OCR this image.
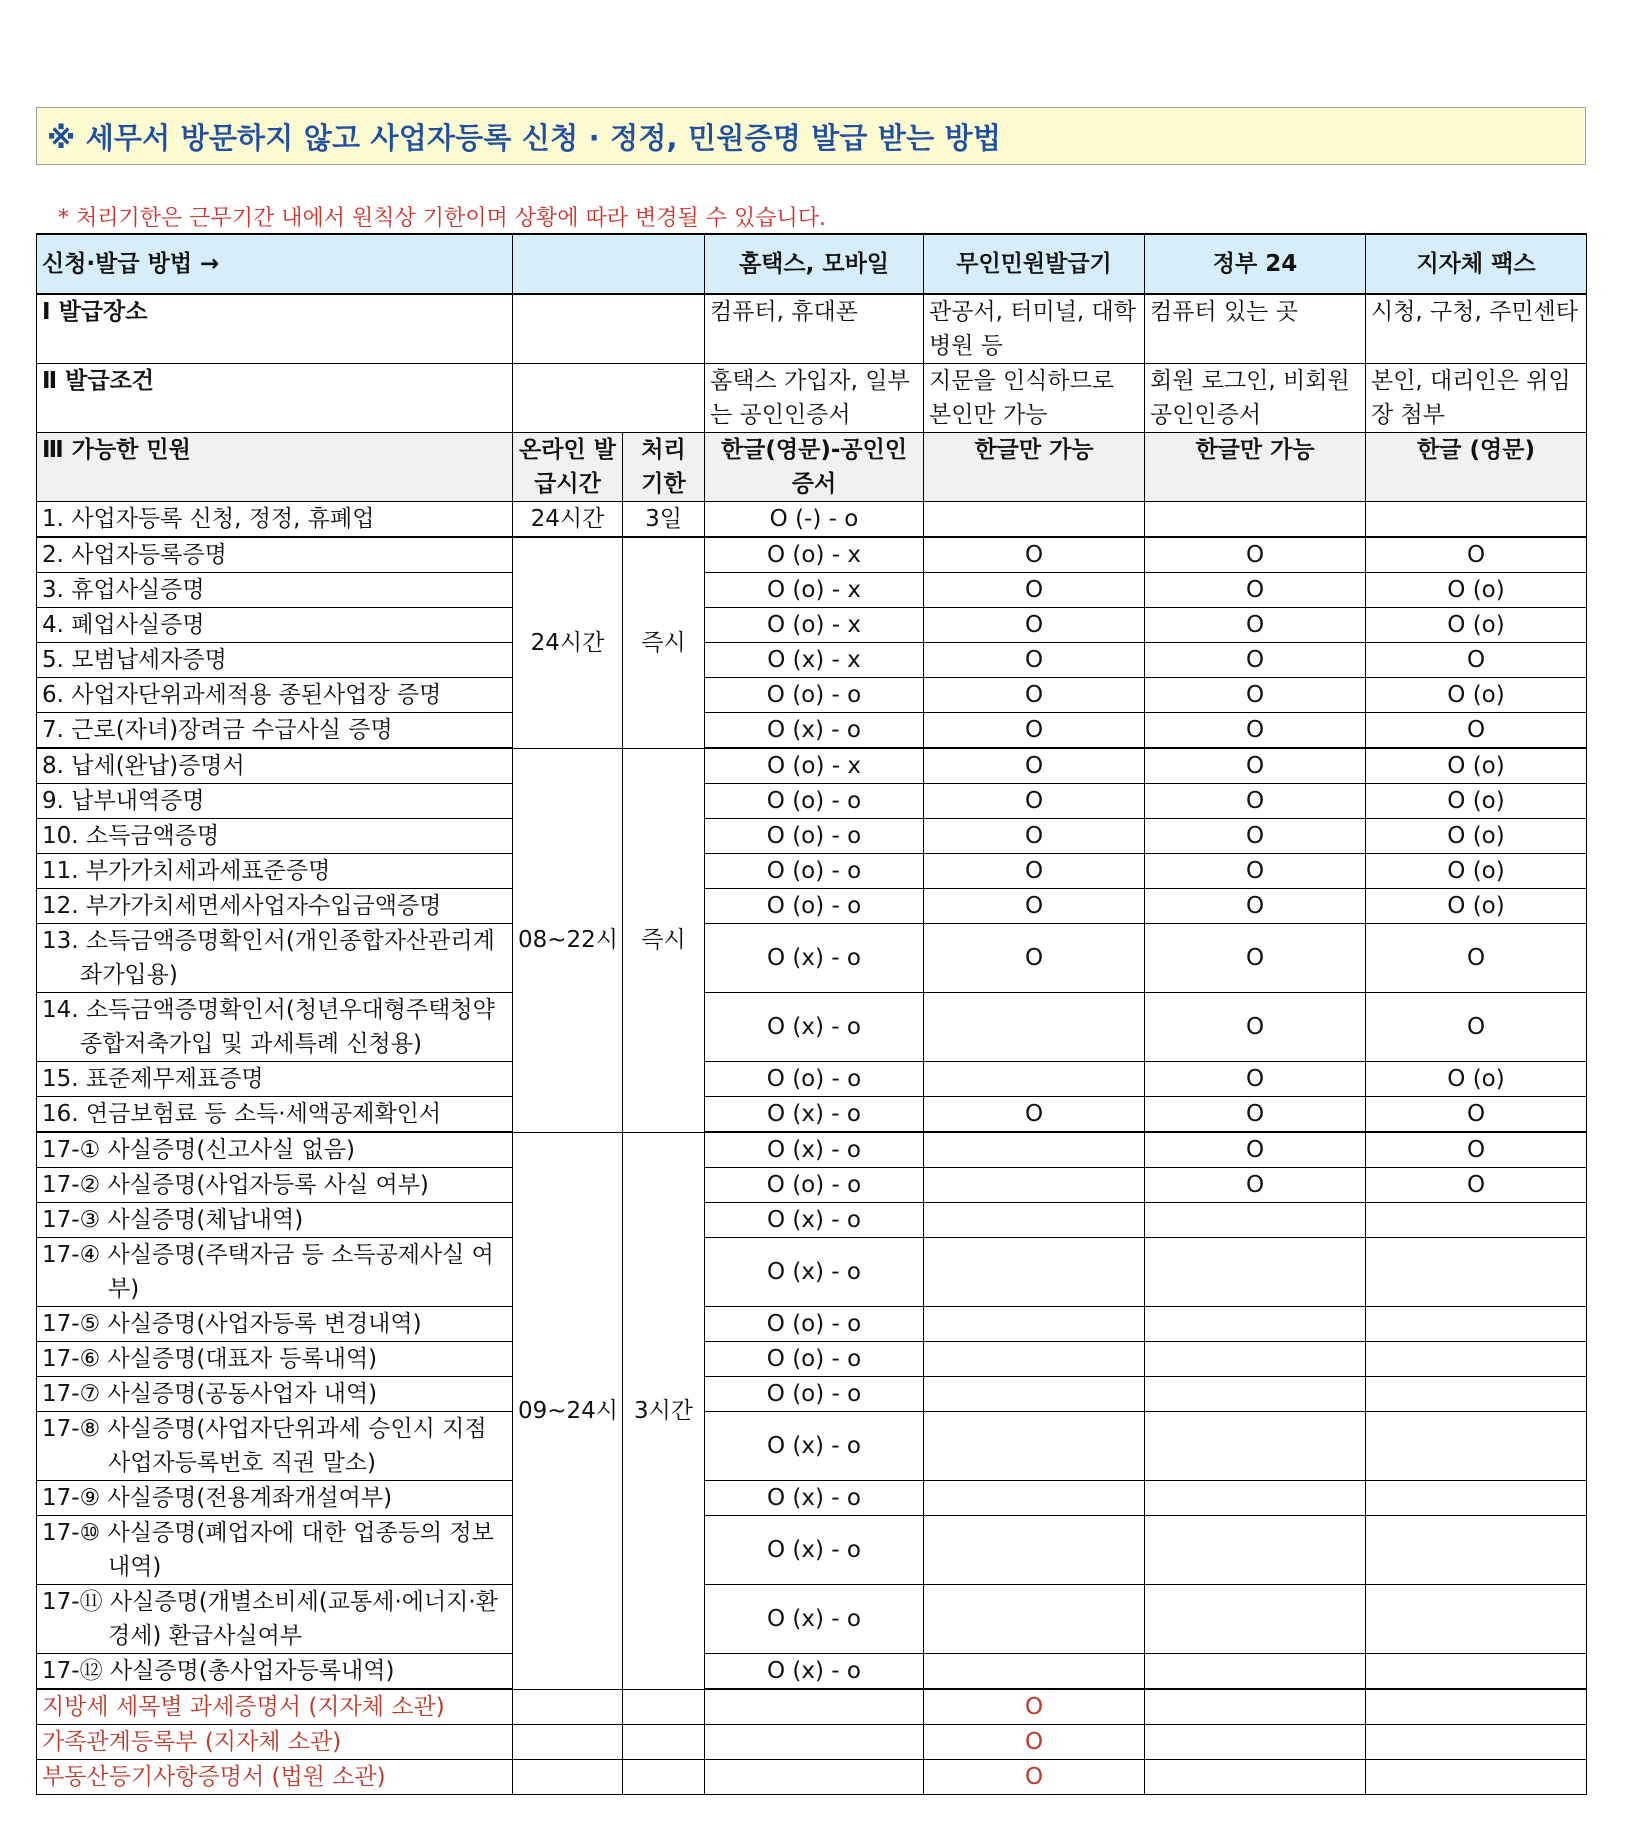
※ 세무서 방문하지 않고 사업자등록 신청 · 정정, 민원증명 발급 받는 방법
* 처리기한은 근무기간 내에서 원칙상 기한이며 상황에 따라 변경될 수 있습니다.
신청·발급 방법 →			홈택스, 모바일	무인민원발급기	정부 24	지자체 팩스
Ⅰ 발급장소			컴퓨터, 휴대폰	관공서, 터미널, 대학병원 등	컴퓨터 있는 곳	시청, 구청, 주민센타
Ⅱ 발급조건			홈택스 가입자, 일부는 공인인증서	지문을 인식하므로 본인만 가능	회원 로그인, 비회원 공인인증서	본인, 대리인은 위임장 첨부
Ⅲ 가능한 민원	온라인 발급시간	처리 기한	한글(영문)-공인인증서	한글만 가능	한글만 가능	한글 (영문)
1. 사업자등록 신청, 정정, 휴폐업	24시간	3일	O (-) - o			
2. 사업자등록증명	24시간	즉시	O (o) - x	O	O	O
3. 휴업사실증명			O (o) - x	O	O	O (o)
4. 폐업사실증명			O (o) - x	O	O	O (o)
5. 모범납세자증명			O (x) - x	O	O	O
6. 사업자단위과세적용 종된사업장 증명			O (o) - o	O	O	O (o)
7. 근로(자녀)장려금 수급사실 증명			O (x) - o	O	O	O
8. 납세(완납)증명서	08~22시	즉시	O (o) - x	O	O	O (o)
9. 납부내역증명			O (o) - o	O	O	O (o)
10. 소득금액증명			O (o) - o	O	O	O (o)
11. 부가가치세과세표준증명			O (o) - o	O	O	O (o)
12. 부가가치세면세사업자수입금액증명			O (o) - o	O	O	O (o)

13. 소득금액증명확인서(개인종합자산관리계좌가입용)			O (x) - o	O	O	O

14. 소득금액증명확인서(청년우대형주택청약종합저축가입 및 과세특례 신청용)			O (x) - o		O	O
15. 표준제무제표증명			O (o) - o		O	O (o)
16. 연금보험료 등 소득·세액공제확인서			O (x) - o	O	O	O
17-① 사실증명(신고사실 없음)	09~24시	3시간	O (x) - o		O	O
17-② 사실증명(사업자등록 사실 여부)			O (o) - o		O	O
17-③ 사실증명(체납내역)			O (x) - o			

17-④ 사실증명(주택자금 등 소득공제사실 여부)			O (x) - o			
17-⑤ 사실증명(사업자등록 변경내역)			O (o) - o			
17-⑥ 사실증명(대표자 등록내역)			O (o) - o			
17-⑦ 사실증명(공동사업자 내역)			O (o) - o			

17-⑧ 사실증명(사업자단위과세 승인시 지점사업자등록번호 직권 말소)			O (x) - o			
17-⑨ 사실증명(전용계좌개설여부)			O (x) - o			

17-⑩ 사실증명(폐업자에 대한 업종등의 정보내역)			O (x) - o			

17-⑪ 사실증명(개별소비세(교통세·에너지·환경세) 환급사실여부			O (x) - o			
17-⑫ 사실증명(총사업자등록내역)			O (x) - o			
지방세 세목별 과세증명서 (지자체 소관)				O		
가족관계등록부 (지자체 소관)				O		
부동산등기사항증명서 (법원 소관)				O		
